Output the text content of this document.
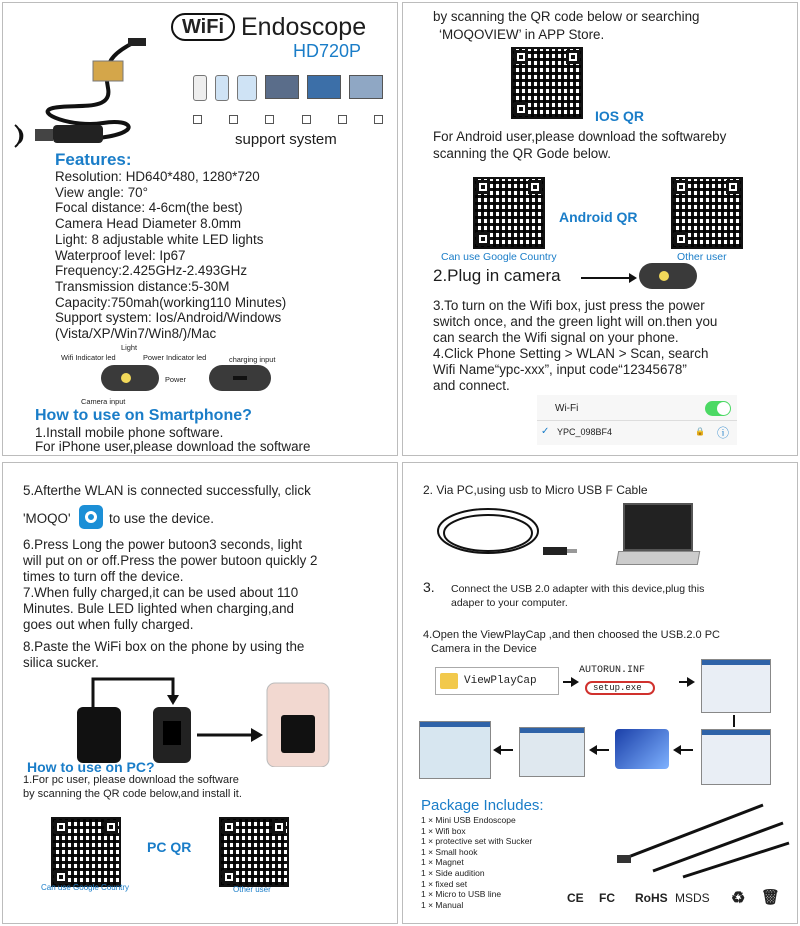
WiFi Endoscope
HD720P
support system
Features:
Resolution: HD640*480, 1280*720
View angle: 70°
Focal distance: 4-6cm(the best)
Camera Head Diameter 8.0mm
Light: 8 adjustable white LED lights
Waterproof level: Ip67
Frequency:2.425GHz-2.493GHz
Transmission distance:5-30M
Capacity:750mah(working110 Minutes)
Support system: Ios/Android/Windows
(Vista/XP/Win7/Win8/)/Mac
Light
Wifi Indicator led	Power Indicator led	charging input
Power
Camera input
How to use on Smartphone?
1.Install mobile phone software.
For iPhone user,please download the software
by scanning the QR code below or searching
‘MOQOVIEW’ in APP Store.
IOS QR
For Android user,please download the softwareby
scanning the QR Gode below.
Android QR
Can use Google Country	Other user
2.Plug in camera
3.To turn on the Wifi box, just press the power
switch once, and the green light will on.then you
can search the Wifi signal on your phone.
4.Click Phone Setting > WLAN > Scan, search
Wifi Name“ypc-xxx”, input code“12345678”
and connect.
Wi-Fi
✓ YPC_098BF4	🔒 ⓘ
5.Afterthe WLAN is connected successfully, click
'MOQO'	to use the device.
6.Press Long the power butoon3 seconds, light
will put on or off.Press the power butoon quickly 2
times to turn off the device.
7.When fully charged,it can be used about 110
Minutes. Bule LED lighted when charging,and
goes out when fully charged.
8.Paste the WiFi box on the phone by using the
silica sucker.
How to use on PC?
1.For pc user, please download the software
by scanning the QR code below,and install it.
PC QR
Can use Google Country	Other user
2. Via PC,using usb to Micro USB F Cable
3. Connect the USB 2.0 adapter with this device,plug this
adaper to your computer.
4.Open the ViewPlayCap ,and then choosed the USB.2.0 PC
Camera in the Device
ViewPlayCap
AUTORUN.INF
setup.exe
Package Includes:
1 × Mini USB Endoscope
1 × Wifi box
1 × protective set with Sucker
1 × Small hook
1 × Magnet
1 × Side audition
1 × fixed set
1 × Micro to USB line
1 × Manual	CE FC RoHS MSDS ♻ 🗑
